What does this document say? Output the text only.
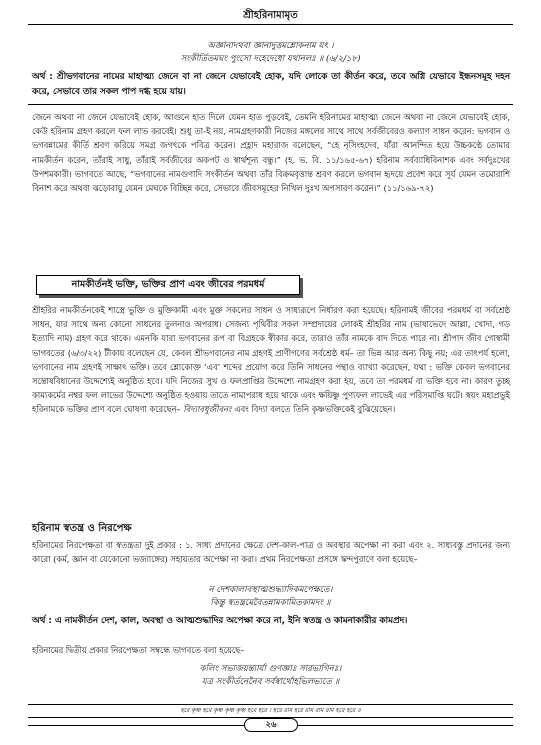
শ্রীহরিনামামৃত
অজ্ঞানাদথবা জ্ঞানাদুত্তমশ্লোকনাম যৎ ।
সংকীর্তিতমঘং পুংসো দহেদেধো যথানলঃ ॥ (৬/২/১৮)

অর্থ : শ্রীভগবানের নামের মাহাত্ম্য জেনে বা না জেনে যেভাবেই হোক, যদি লোকে তা কীর্তন করে, তবে অগ্নি যেভাবে ইন্ধনসমূহ দহন করে, সেভাবে তার সকল পাপ দগ্ধ হয়ে যায়।

জেনে অথবা না জেনে যেভাবেই হোক, আগুনে হাত দিলে যেমন হাত পুড়বেই, তেমনি হরিনামের মাহাত্ম্য জেনে অথবা না জেনে যেভাবেই হোক, কেউ হরিনাম গ্রহণ করলে ফল লাভ করবেই। শুধু তা-ই নয়, নামগ্রহণকারী নিজের মঙ্গলের সাথে সাথে সর্বজীবেরও কল্যাণ সাধন করেন: ভগবান ও ভগবন্নামের কীর্তি শ্রবণ করিয়ে সমগ্র জগৎকে পবিত্র করেন। প্রহ্লাদ মহারাজ বলেছেন, “হে নৃসিংহদেব, যাঁরা আনন্দিত হয়ে উচ্চকণ্ঠে তোমার নামকীর্তন করেন, তাঁরাই সাধু, তাঁরাই সর্বজীবের অকপট ও স্বার্থশূন্য বন্ধু।” (হ. ভ. বি. ১১/১৬৫-৬৭) হরিনাম সর্বব্যাধিবিনাশক এবং সর্বদুঃখের উপশমকারী। ভাগবতে আছে, “ভগবানের নামগুণাদি সংকীর্তন অথবা তাঁর বিক্রমবৃত্তান্ত শ্রবণ করলে ভগবান হৃদয়ে প্রবেশ করে সূর্য যেমন তমোরাশি বিনাশ করে অথবা ঝড়োবায়ু যেমন মেঘকে বিচ্ছিন্ন করে, সেভাবে জীবসমূহের নিখিল দুঃখ অপসারণ করেন।” (১১/১৬৯-৭২)

নামকীর্তনই ভক্তি, ভক্তির প্রাণ এবং জীবের পরমধর্ম

শ্রীহরির নামকীর্তনকেই শাস্ত্রে ভুক্তি ও মুক্তিকামী এবং মুক্ত সকলের সাধন ও সাধ্যরূপে নির্ধারণ করা হয়েছে। হরিনামই জীবের পরমধর্ম বা সর্বশ্রেষ্ঠ সাধন, যার সাথে অন্য কোনো সাধনের তুলনাও অপরাধ। সেজন্য পৃথিবীর সকল সম্প্রদায়ের লোকই শ্রীহরির নাম (ভাষাভেদে আল্লা, খোদা, গড ইত্যাদি নাম) গ্রহণ করে থাকে। এমনকি যারা ভগবানের রূপ বা বিগ্রহকে স্বীকার করে, তারাও তাঁর নামকে বাদ দিতে পারে না। শ্রীপাদ জীব গোস্বামী ভাগবতের (৬/৩/২২) টীকায় বলেছেন যে, কেবল শ্রীভগবানের নাম গ্রহণই প্রাণীগণের সর্বশ্রেষ্ঠ ধর্ম– তা ভিন্ন আর অন্য কিছু নয়; এর তাৎপর্য হলো, ভগবানের নাম গ্রহণই সাক্ষাৎ ভক্তি। তবে শ্লোকোক্ত ‘এব’ শব্দের প্রয়োগ করে তিনি সাধনের পন্থাও ব্যাখ্যা করেছেন, যথা : ভক্তি কেবল ভগবানের সন্তোষবিধানের উদ্দেশ্যেই অনুষ্ঠিত হবে। যদি নিজের সুখ ও ফলপ্রাপ্তির উদ্দেশ্যে নামগ্রহণ করা হয়, তবে তা পরমধর্ম বা ভক্তি হবে না। কারণ তুচ্ছ কাম্যকর্মের নশ্বর ফল লাভের উদ্দেশ্যে অনুষ্ঠিত হওয়ায় তাতে নামাপরাধ হয়ে থাকে এবং ক্ষয়িষ্ণু পুণ্যফল লাভেই এর পরিসমাপ্তি ঘটে। স্বয়ং মহাপ্রভুই হরিনামকে ভক্তির প্রাণ বলে ঘোষণা করেছেন– বিদ্যাবধূজীবনং এবং বিদ্যা বলতে তিনি কৃষ্ণভক্তিকেই বুঝিয়েছেন।

হরিনাম স্বতন্ত্র ও নিরপেক্ষ

হরিনামের নিরপেক্ষতা বা স্বতন্ত্রতা দুই প্রকার : ১. সাধ্য প্রদানের ক্ষেত্রে দেশ-কাল-পাত্র ও অবস্থার অপেক্ষা না করা এবং ২. সাধ্যবস্তু প্রদানের জন্য কারো (কর্ম, জ্ঞান বা যেকোনো ভজ্যাঙ্গের) সহায়তার অপেক্ষা না করা। প্রথম নিরপেক্ষতা প্রসঙ্গে স্কন্দপুরাণে বলা হয়েছে–

ন দেশকালাবস্থাত্মশুদ্ধ্যাদিকমপেক্ষতে।
কিন্তু স্বতন্ত্রমেবৈতন্নামকামিতকামদং ॥

অর্থ : এ নামকীর্তন দেশ, কাল, অবস্থা ও আত্মশুদ্ধাদির অপেক্ষা করে না, ইনি স্বতন্ত্র ও কামনাকারীর কামপ্রদ।

হরিনামের দ্বিতীয় প্রকার নিরপেক্ষতা সম্বন্ধে ভাগবতে বলা হয়েছে–

কলিং সভাজয়ন্ত্যার্যা গুণজ্ঞাঃ সারভাগিনঃ।
যত্র সংকীর্তনেনৈব সর্বস্বার্থোহভিলভ্যতে ॥
হরে কৃষ্ণ হরে কৃষ্ণ কৃষ্ণ কৃষ্ণ হরে হরে । হরে রাম হরে রাম রাম রাম হরে হরে ॥
২৬
